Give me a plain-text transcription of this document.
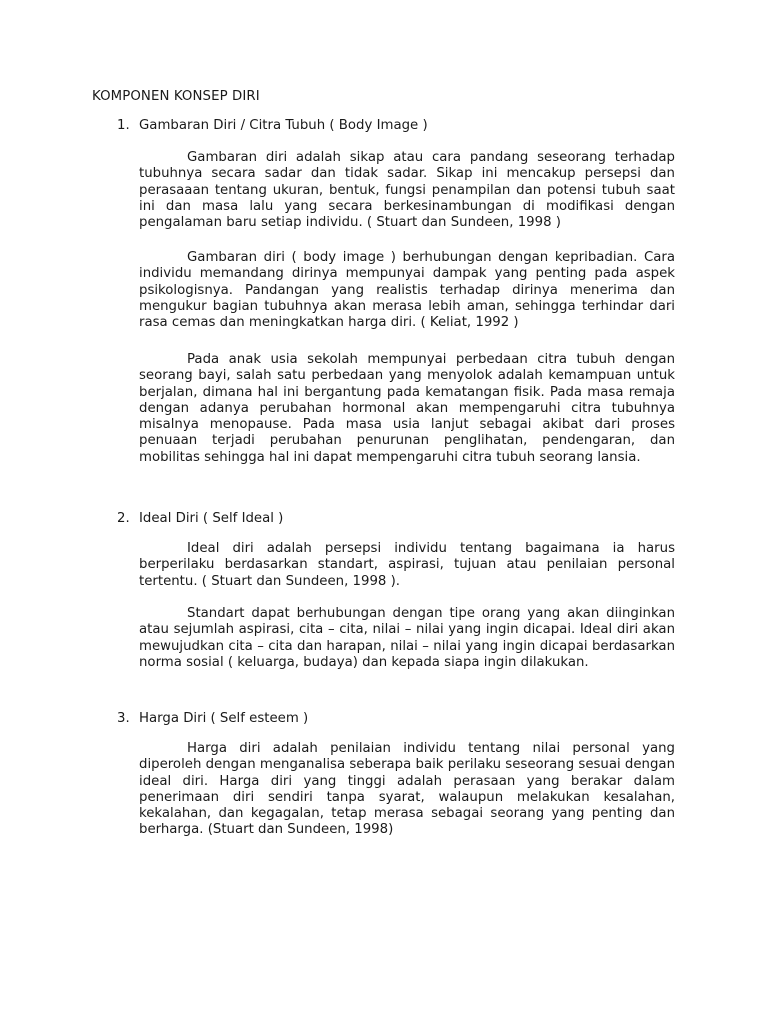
KOMPONEN KONSEP DIRI
1. Gambaran Diri / Citra Tubuh ( Body Image )

Gambaran diri adalah sikap atau cara pandang seseorang terhadap tubuhnya secara sadar dan tidak sadar. Sikap ini mencakup persepsi dan perasaaan tentang ukuran, bentuk, fungsi penampilan dan potensi tubuh saat ini dan masa lalu yang secara berkesinambungan di modifikasi dengan pengalaman baru setiap individu. ( Stuart dan Sundeen, 1998 )

Gambaran diri ( body image ) berhubungan dengan kepribadian. Cara individu memandang dirinya mempunyai dampak yang penting pada aspek psikologisnya. Pandangan yang realistis terhadap dirinya menerima dan mengukur bagian tubuhnya akan merasa lebih aman, sehingga terhindar dari rasa cemas dan meningkatkan harga diri. ( Keliat, 1992 )

Pada anak usia sekolah mempunyai perbedaan citra tubuh dengan seorang bayi, salah satu perbedaan yang menyolok adalah kemampuan untuk berjalan, dimana hal ini bergantung pada kematangan fisik. Pada masa remaja dengan adanya perubahan hormonal akan mempengaruhi citra tubuhnya misalnya menopause. Pada masa usia lanjut sebagai akibat dari proses penuaan terjadi perubahan penurunan penglihatan, pendengaran, dan mobilitas sehingga hal ini dapat mempengaruhi citra tubuh seorang lansia.

2. Ideal Diri ( Self Ideal )

Ideal diri adalah persepsi individu tentang bagaimana ia harus berperilaku berdasarkan standart, aspirasi, tujuan atau penilaian personal tertentu. ( Stuart dan Sundeen, 1998 ).

Standart dapat berhubungan dengan tipe orang yang akan diinginkan atau sejumlah aspirasi, cita – cita, nilai – nilai yang ingin dicapai. Ideal diri akan mewujudkan cita – cita dan harapan, nilai – nilai yang ingin dicapai berdasarkan norma sosial ( keluarga, budaya) dan kepada siapa ingin dilakukan.

3. Harga Diri ( Self esteem )

Harga diri adalah penilaian individu tentang nilai personal yang diperoleh dengan menganalisa seberapa baik perilaku seseorang sesuai dengan ideal diri. Harga diri yang tinggi adalah perasaan yang berakar dalam penerimaan diri sendiri tanpa syarat, walaupun melakukan kesalahan, kekalahan, dan kegagalan, tetap merasa sebagai seorang yang penting dan berharga. (Stuart dan Sundeen, 1998)
